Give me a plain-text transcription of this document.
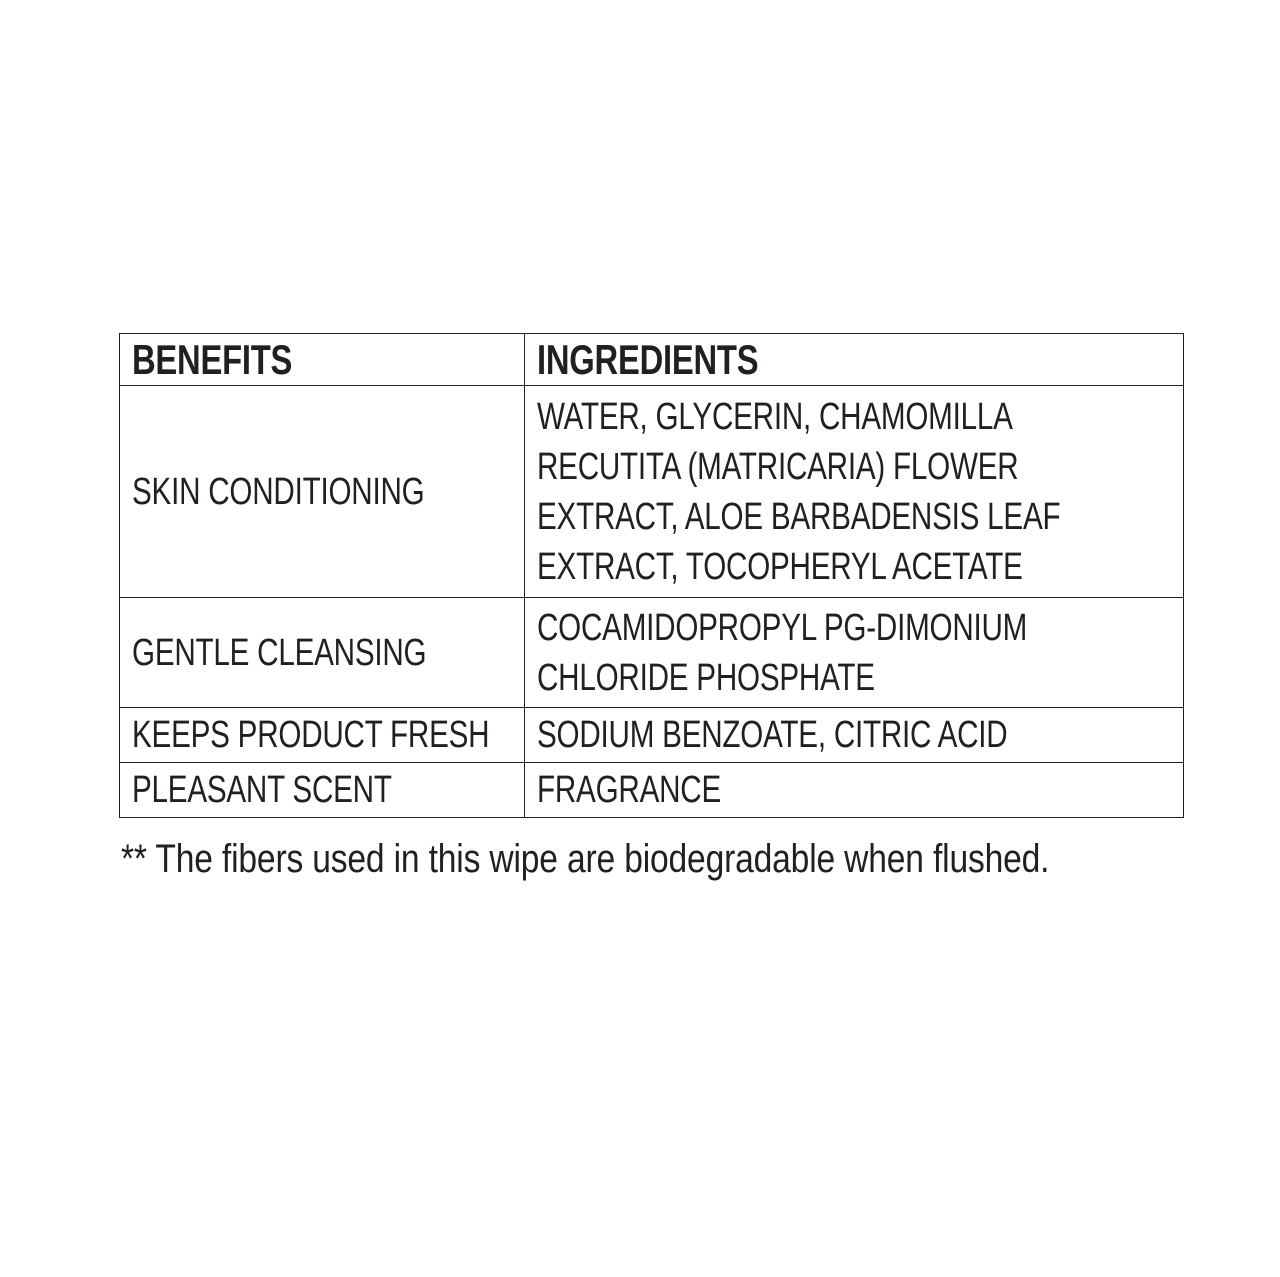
BENEFITS	INGREDIENTS
SKIN CONDITIONING	WATER, GLYCERIN, CHAMOMILLA
RECUTITA (MATRICARIA) FLOWER
EXTRACT, ALOE BARBADENSIS LEAF
EXTRACT, TOCOPHERYL ACETATE

GENTLE CLEANSING	COCAMIDOPROPYL PG-DIMONIUM
CHLORIDE PHOSPHATE

KEEPS PRODUCT FRESH	SODIUM BENZOATE, CITRIC ACID

PLEASANT SCENT	FRAGRANCE
** The fibers used in this wipe are biodegradable when flushed.
